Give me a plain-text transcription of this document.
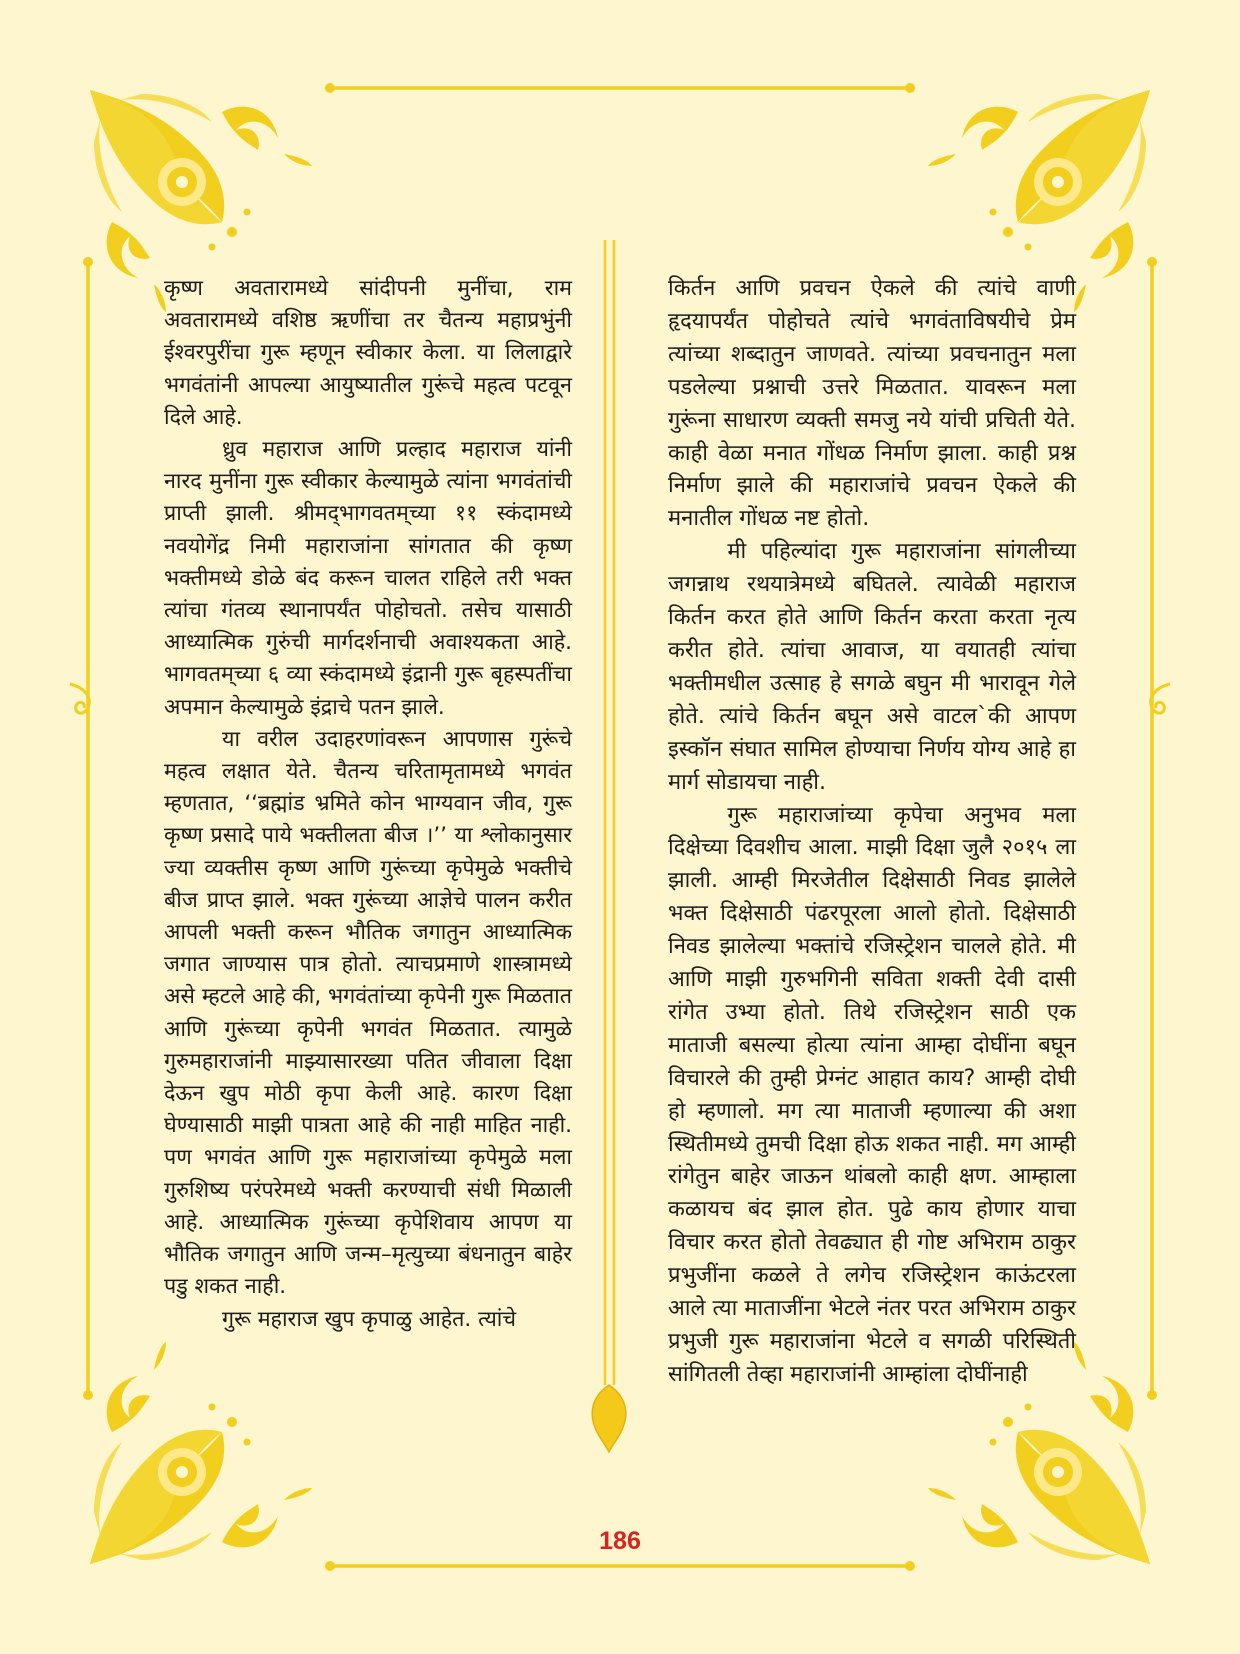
कृष्ण अवतारामध्ये सांदीपनी मुनींचा, राम अवतारामध्ये वशिष्ठ ऋणींचा तर चैतन्य महाप्रभुंनी ईश्वरपुरींचा गुरू म्हणून स्वीकार केला. या लिलाद्वारे भगवंतांनी आपल्या आयुष्यातील गुरूंचे महत्व पटवून दिले आहे.

ध्रुव महाराज आणि प्रल्हाद महाराज यांनी नारद मुनींना गुरू स्वीकार केल्यामुळे त्यांना भगवंतांची प्राप्ती झाली. श्रीमद्‌भागवतम्‌च्या ११ स्कंदामध्ये नवयोगेंद्र निमी महाराजांना सांगतात की कृष्ण भक्तीमध्ये डोळे बंद करून चालत राहिले तरी भक्त त्यांचा गंतव्य स्थानापर्यंत पोहोचतो. तसेच यासाठी आध्यात्मिक गुरुंची मार्गदर्शनाची अवाश्यकता आहे. भागवतम्‌च्या ६ व्या स्कंदामध्ये इंद्रानी गुरू बृहस्पतींचा अपमान केल्यामुळे इंद्राचे पतन झाले.

या वरील उदाहरणांवरून आपणास गुरूंचे महत्व लक्षात येते. चैतन्य चरितामृतामध्ये भगवंत म्हणतात, ‘‘ब्रह्मांड भ्रमिते कोन भाग्यवान जीव, गुरू कृष्ण प्रसादे पाये भक्तीलता बीज ।’’ या श्लोकानुसार ज्या व्यक्तीस कृष्ण आणि गुरूंच्या कृपेमुळे भक्तीचे बीज प्राप्त झाले. भक्त गुरूंच्या आज्ञेचे पालन करीत आपली भक्ती करून भौतिक जगातुन आध्यात्मिक जगात जाण्यास पात्र होतो. त्याचप्रमाणे शास्त्रामध्ये असे म्हटले आहे की, भगवंतांच्या कृपेनी गुरू मिळतात आणि गुरूंच्या कृपेनी भगवंत मिळतात. त्यामुळे गुरुमहाराजांनी माझ्यासारख्या पतित जीवाला दिक्षा देऊन खुप मोठी कृपा केली आहे. कारण दिक्षा घेण्यासाठी माझी पात्रता आहे की नाही माहित नाही. पण भगवंत आणि गुरू महाराजांच्या कृपेमुळे मला गुरुशिष्य परंपरेमध्ये भक्ती करण्याची संधी मिळाली आहे. आध्यात्मिक गुरूंच्या कृपेशिवाय आपण या भौतिक जगातुन आणि जन्म–मृत्युच्या बंधनातुन बाहेर पडु शकत नाही.

गुरू महाराज खुप कृपाळु आहेत. त्यांचे

किर्तन आणि प्रवचन ऐकले की त्यांचे वाणी हृदयापर्यंत पोहोचते त्यांचे भगवंताविषयीचे प्रेम त्यांच्या शब्दातुन जाणवते. त्यांच्या प्रवचनातुन मला पडलेल्या प्रश्नाची उत्तरे मिळतात. यावरून मला गुरूंना साधारण व्यक्ती समजु नये यांची प्रचिती येते. काही वेळा मनात गोंधळ निर्माण झाला. काही प्रश्न निर्माण झाले की महाराजांचे प्रवचन ऐकले की मनातील गोंधळ नष्ट होतो.

मी पहिल्यांदा गुरू महाराजांना सांगलीच्या जगन्नाथ रथयात्रेमध्ये बघितले. त्यावेळी महाराज किर्तन करत होते आणि किर्तन करता करता नृत्य करीत होते. त्यांचा आवाज, या वयातही त्यांचा भक्तीमधील उत्साह हे सगळे बघुन मी भारावून गेले होते. त्यांचे किर्तन बघून असे वाटल`की आपण इस्कॉन संघात सामिल होण्याचा निर्णय योग्य आहे हा मार्ग सोडायचा नाही.

गुरू महाराजांच्या कृपेचा अनुभव मला दिक्षेच्या दिवशीच आला. माझी दिक्षा जुलै २०१५ ला झाली. आम्ही मिरजेतील दिक्षेसाठी निवड झालेले भक्त दिक्षेसाठी पंढरपूरला आलो होतो. दिक्षेसाठी निवड झालेल्या भक्तांचे रजिस्ट्रेशन चालले होते. मी आणि माझी गुरुभगिनी सविता शक्ती देवी दासी रांगेत उभ्या होतो. तिथे रजिस्ट्रेशन साठी एक माताजी बसल्या होत्या त्यांना आम्हा दोघींना बघून विचारले की तुम्ही प्रेग्नंट आहात काय? आम्ही दोघी हो म्हणालो. मग त्या माताजी म्हणाल्या की अशा स्थितीमध्ये तुमची दिक्षा होऊ शकत नाही. मग आम्ही रांगेतुन बाहेर जाऊन थांबलो काही क्षण. आम्हाला कळायच बंद झाल होत. पुढे काय होणार याचा विचार करत होतो तेवढ्यात ही गोष्ट अभिराम ठाकुर प्रभुजींना कळले ते लगेच रजिस्ट्रेशन काऊंटरला आले त्या माताजींना भेटले नंतर परत अभिराम ठाकुर प्रभुजी गुरू महाराजांना भेटले व सगळी परिस्थिती सांगितली तेव्हा महाराजांनी आम्हांला दोघींनाही

186
